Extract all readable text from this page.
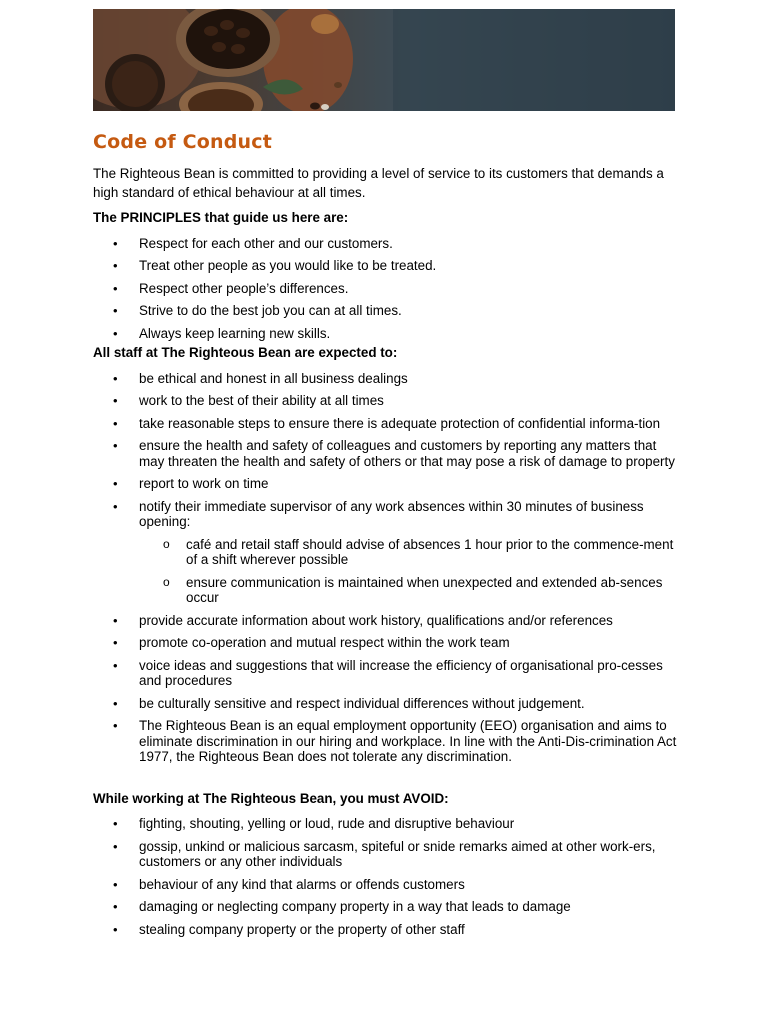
Code of Conduct

The Righteous Bean is committed to providing a level of service to its customers that demands a high standard of ethical behaviour at all times.

The PRINCIPLES that guide us here are:

• Respect for each other and our customers.
• Treat other people as you would like to be treated.
• Respect other people’s differences.
• Strive to do the best job you can at all times.
• Always keep learning new skills.

All staff at The Righteous Bean are expected to:

• be ethical and honest in all business dealings
• work to the best of their ability at all times
• take reasonable steps to ensure there is adequate protection of confidential informa-tion
• ensure the health and safety of colleagues and customers by reporting any matters that may threaten the health and safety of others or that may pose a risk of damage to property
• report to work on time
• notify their immediate supervisor of any work absences within 30 minutes of business opening:
o café and retail staff should advise of absences 1 hour prior to the commence-ment of a shift wherever possible
o ensure communication is maintained when unexpected and extended ab-sences occur
• provide accurate information about work history, qualifications and/or references
• promote co-operation and mutual respect within the work team
• voice ideas and suggestions that will increase the efficiency of organisational pro-cesses and procedures
• be culturally sensitive and respect individual differences without judgement.
• The Righteous Bean is an equal employment opportunity (EEO) organisation and aims to eliminate discrimination in our hiring and workplace. In line with the Anti-Dis-crimination Act 1977, the Righteous Bean does not tolerate any discrimination.

While working at The Righteous Bean, you must AVOID:

• fighting, shouting, yelling or loud, rude and disruptive behaviour
• gossip, unkind or malicious sarcasm, spiteful or snide remarks aimed at other work-ers, customers or any other individuals
• behaviour of any kind that alarms or offends customers
• damaging or neglecting company property in a way that leads to damage
• stealing company property or the property of other staff
